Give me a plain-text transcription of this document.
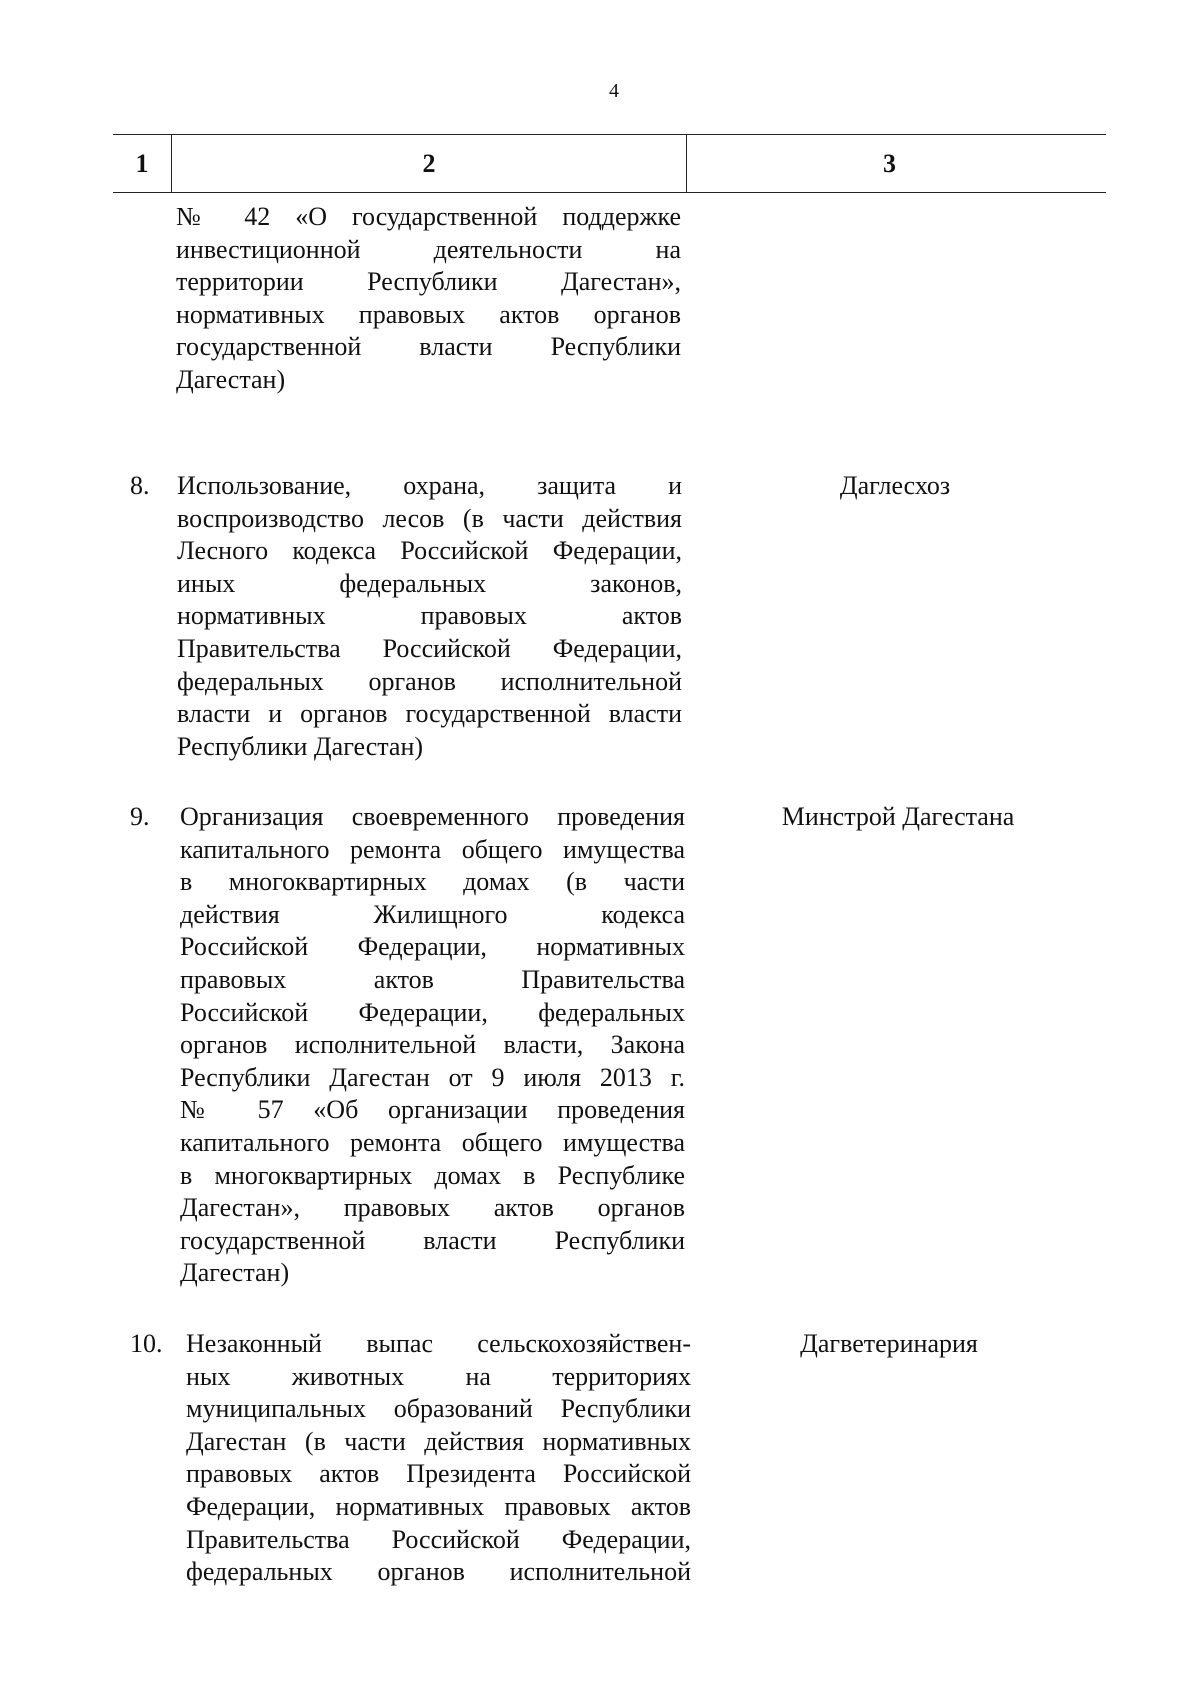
4
1	2	3
№ 42 «О государственной поддержке
инвестиционной деятельности на
территории Республики Дагестан»,
нормативных правовых актов органов
государственной власти Республики
Дагестан)
8. Использование, охрана, защита и
воспроизводство лесов (в части действия
Лесного кодекса Российской Федерации,
иных федеральных законов,
нормативных правовых актов
Правительства Российской Федерации,
федеральных органов исполнительной
власти и органов государственной власти
Республики Дагестан)
Даглесхоз
9. Организация своевременного проведения
капитального ремонта общего имущества
в многоквартирных домах (в части
действия Жилищного кодекса
Российской Федерации, нормативных
правовых актов Правительства
Российской Федерации, федеральных
органов исполнительной власти, Закона
Республики Дагестан от 9 июля 2013 г.
№ 57 «Об организации проведения
капитального ремонта общего имущества
в многоквартирных домах в Республике
Дагестан», правовых актов органов
государственной власти Республики
Дагестан)
Минстрой Дагестана
10. Незаконный выпас сельскохозяйствен-
ных животных на территориях
муниципальных образований Республики
Дагестан (в части действия нормативных
правовых актов Президента Российской
Федерации, нормативных правовых актов
Правительства Российской Федерации,
федеральных органов исполнительной
Дагветеринария
